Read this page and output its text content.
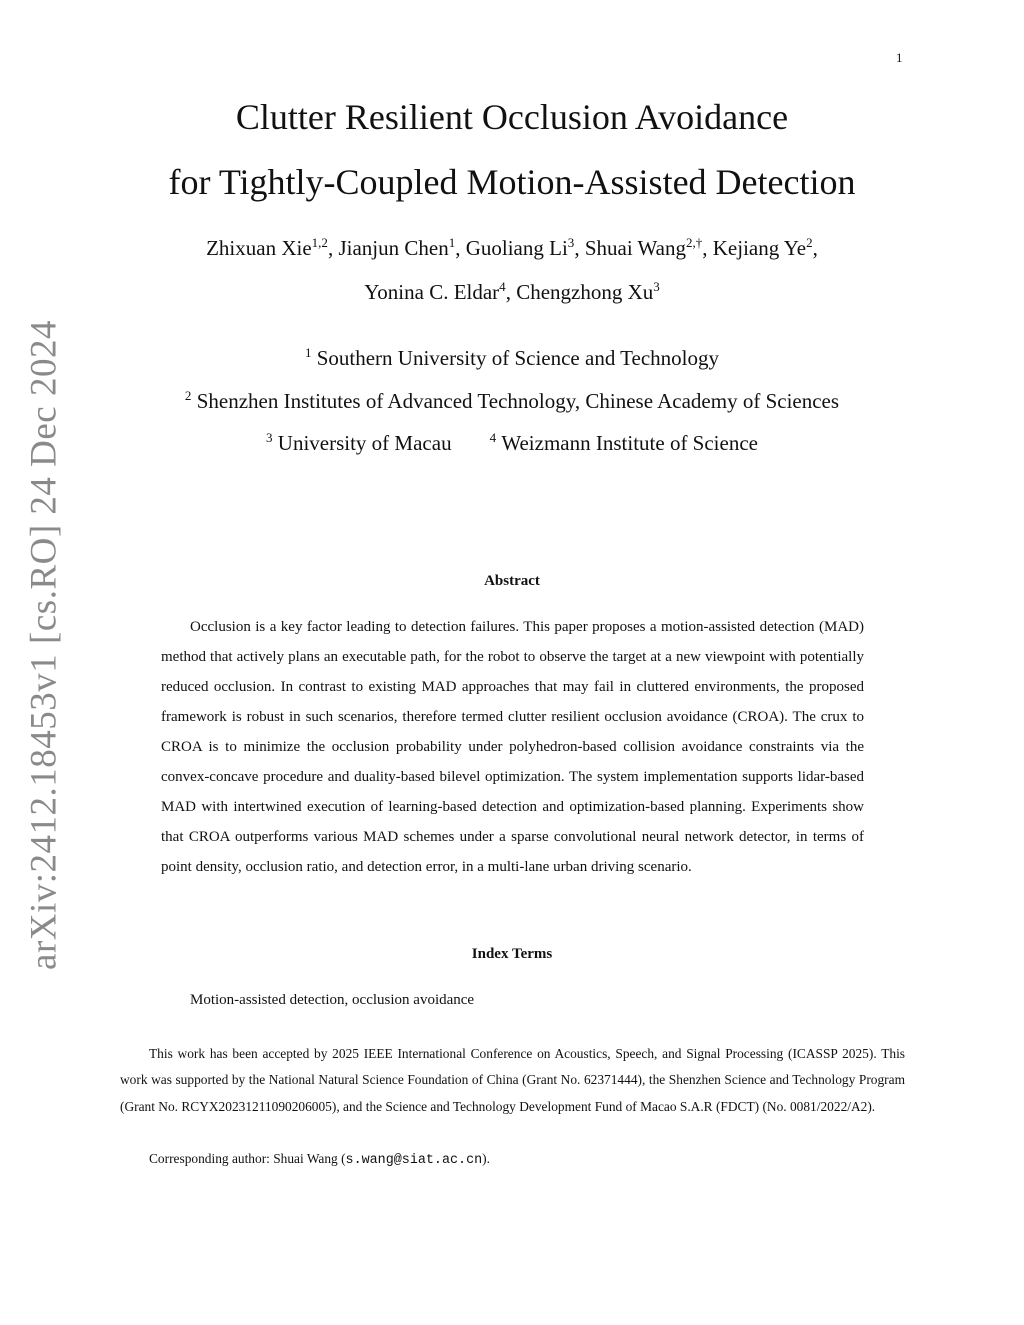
1
arXiv:2412.18453v1 [cs.RO] 24 Dec 2024
Clutter Resilient Occlusion Avoidance
for Tightly-Coupled Motion-Assisted Detection
Zhixuan Xie$^{1,2}$, Jianjun Chen$^1$, Guoliang Li$^3$, Shuai Wang$^{2,\dagger}$, Kejiang Ye$^2$,
Yonina C. Eldar$^4$, Chengzhong Xu$^3$
$^1$ Southern University of Science and Technology
$^2$ Shenzhen Institutes of Advanced Technology, Chinese Academy of Sciences
$^3$ University of Macau	$^4$ Weizmann Institute of Science
Abstract
Occlusion is a key factor leading to detection failures. This paper proposes a motion-assisted detection (MAD) method that actively plans an executable path, for the robot to observe the target at a new viewpoint with potentially reduced occlusion. In contrast to existing MAD approaches that may fail in cluttered environments, the proposed framework is robust in such scenarios, therefore termed clutter resilient occlusion avoidance (CROA). The crux to CROA is to minimize the occlusion probability under polyhedron-based collision avoidance constraints via the convex-concave procedure and duality-based bilevel optimization. The system implementation supports lidar-based MAD with intertwined execution of learning-based detection and optimization-based planning. Experiments show that CROA outperforms various MAD schemes under a sparse convolutional neural network detector, in terms of point density, occlusion ratio, and detection error, in a multi-lane urban driving scenario.
Index Terms
Motion-assisted detection, occlusion avoidance
This work has been accepted by 2025 IEEE International Conference on Acoustics, Speech, and Signal Processing (ICASSP 2025). This work was supported by the National Natural Science Foundation of China (Grant No. 62371444), the Shenzhen Science and Technology Program (Grant No. RCYX20231211090206005), and the Science and Technology Development Fund of Macao S.A.R (FDCT) (No. 0081/2022/A2).
Corresponding author: Shuai Wang (s.wang@siat.ac.cn).
